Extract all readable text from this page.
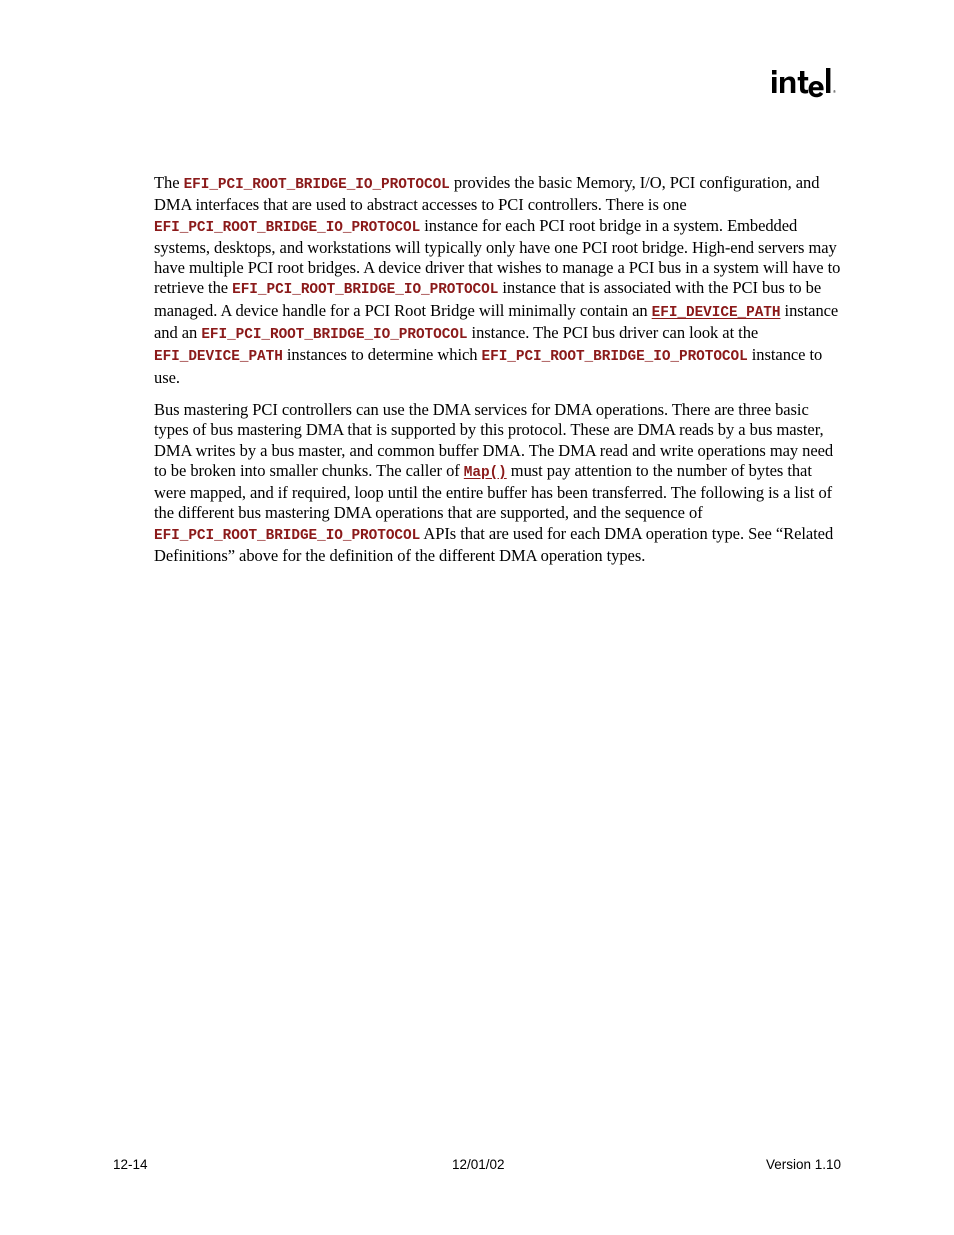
®

The EFI_PCI_ROOT_BRIDGE_IO_PROTOCOL provides the basic Memory, I/O, PCI configuration, and DMA interfaces that are used to abstract accesses to PCI controllers. There is one EFI_PCI_ROOT_BRIDGE_IO_PROTOCOL instance for each PCI root bridge in a system. Embedded systems, desktops, and workstations will typically only have one PCI root bridge. High-end servers may have multiple PCI root bridges. A device driver that wishes to manage a PCI bus in a system will have to retrieve the EFI_PCI_ROOT_BRIDGE_IO_PROTOCOL instance that is associated with the PCI bus to be managed. A device handle for a PCI Root Bridge will minimally contain an EFI_DEVICE_PATH instance and an EFI_PCI_ROOT_BRIDGE_IO_PROTOCOL instance. The PCI bus driver can look at the EFI_DEVICE_PATH instances to determine which EFI_PCI_ROOT_BRIDGE_IO_PROTOCOL instance to use.

Bus mastering PCI controllers can use the DMA services for DMA operations. There are three basic types of bus mastering DMA that is supported by this protocol. These are DMA reads by a bus master, DMA writes by a bus master, and common buffer DMA. The DMA read and write operations may need to be broken into smaller chunks. The caller of Map() must pay attention to the number of bytes that were mapped, and if required, loop until the entire buffer has been transferred. The following is a list of the different bus mastering DMA operations that are supported, and the sequence of EFI_PCI_ROOT_BRIDGE_IO_PROTOCOL APIs that are used for each DMA operation type. See “Related Definitions” above for the definition of the different DMA operation types.

12-14	12/01/02	Version 1.10
